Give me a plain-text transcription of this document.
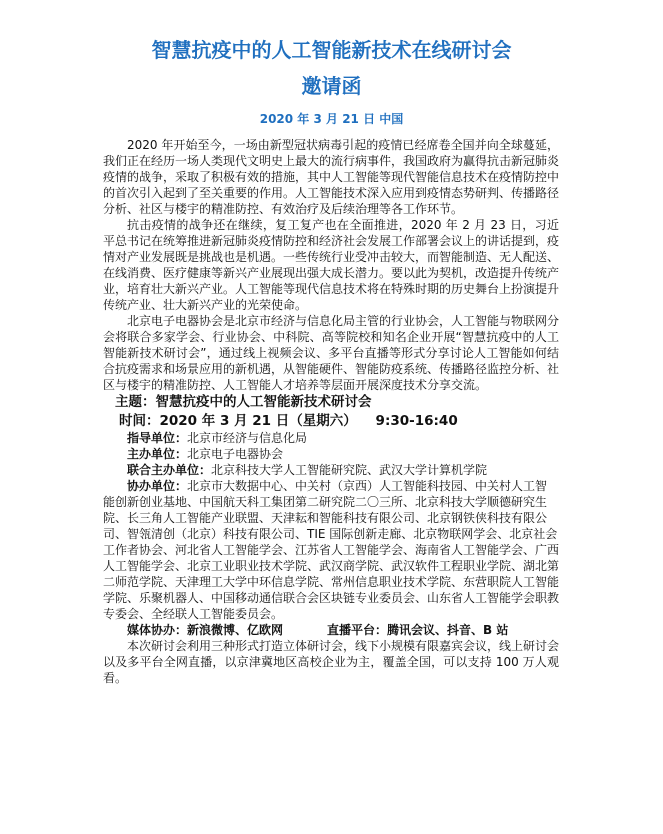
智慧抗疫中的人工智能新技术在线研讨会
邀请函
2020 年 3 月 21 日 中国

2020 年开始至今，一场由新型冠状病毒引起的疫情已经席卷全国并向全球蔓延，我们正在经历一场人类现代文明史上最大的流行病事件，我国政府为赢得抗击新冠肺炎疫情的战争，采取了积极有效的措施，其中人工智能等现代智能信息技术在疫情防控中的首次引入起到了至关重要的作用。人工智能技术深入应用到疫情态势研判、传播路径分析、社区与楼宇的精准防控、有效治疗及后续治理等各工作环节。

抗击疫情的战争还在继续，复工复产也在全面推进，2020 年 2 月 23 日，习近平总书记在统筹推进新冠肺炎疫情防控和经济社会发展工作部署会议上的讲话提到，疫情对产业发展既是挑战也是机遇。一些传统行业受冲击较大，而智能制造、无人配送、在线消费、医疗健康等新兴产业展现出强大成长潜力。要以此为契机，改造提升传统产业，培育壮大新兴产业。人工智能等现代信息技术将在特殊时期的历史舞台上扮演提升传统产业、壮大新兴产业的光荣使命。

北京电子电器协会是北京市经济与信息化局主管的行业协会，人工智能与物联网分会将联合多家学会、行业协会、中科院、高等院校和知名企业开展“智慧抗疫中的人工智能新技术研讨会”，通过线上视频会议、多平台直播等形式分享讨论人工智能如何结合抗疫需求和场景应用的新机遇，从智能硬件、智能防疫系统、传播路径监控分析、社区与楼宇的精准防控、人工智能人才培养等层面开展深度技术分享交流。

主题：智慧抗疫中的人工智能新技术研讨会
时间：2020 年 3 月 21 日（星期六）    9:30-16:40
指导单位：北京市经济与信息化局
主办单位：北京电子电器协会
联合主办单位：北京科技大学人工智能研究院、武汉大学计算机学院
协办单位：北京市大数据中心、中关村（京西）人工智能科技园、中关村人工智能创新创业基地、中国航天科工集团第二研究院二〇三所、北京科技大学顺德研究生院、长三角人工智能产业联盟、天津耘和智能科技有限公司、北京钢铁侠科技有限公司、智瓴清创（北京）科技有限公司、TIE 国际创新走廊、北京物联网学会、北京社会工作者协会、河北省人工智能学会、江苏省人工智能学会、海南省人工智能学会、广西人工智能学会、北京工业职业技术学院、武汉商学院、武汉软件工程职业学院、湖北第二师范学院、天津理工大学中环信息学院、常州信息职业技术学院、东营职院人工智能学院、乐聚机器人、中国移动通信联合会区块链专业委员会、山东省人工智能学会职教专委会、全经联人工智能委员会。
媒体协办：新浪微博、亿欧网	直播平台：腾讯会议、抖音、B 站

本次研讨会利用三种形式打造立体研讨会，线下小规模有限嘉宾会议，线上研讨会以及多平台全网直播，以京津冀地区高校企业为主，覆盖全国，可以支持 100 万人观看。
